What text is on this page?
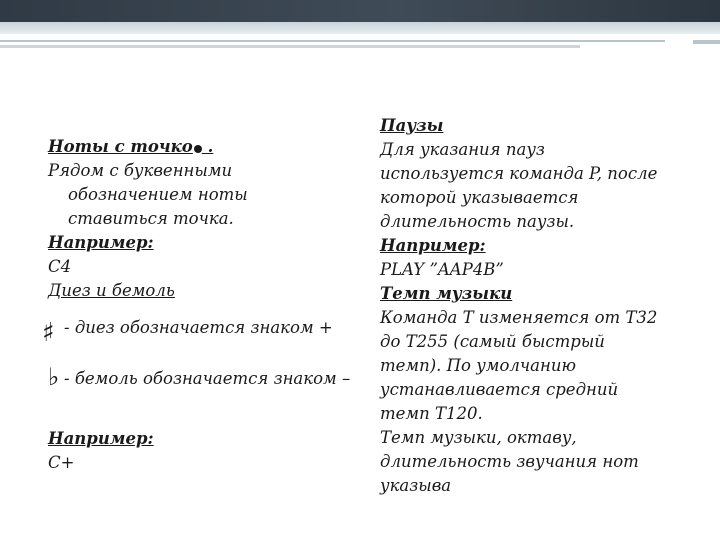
Ноты с точко .
Рядом с буквенными
обозначением ноты
ставиться точка.
Например:
C4
Диез и бемоль
♯ - диез обозначается знаком +
♭ - бемоль обозначается знаком –
Например:
C+
Паузы
Для указания пауз
используется команда P, после
которой указывается
длительность паузы.
Например:
PLAY ”AAP4B”
Темп музыки
Команда Т изменяется от T32
до T255 (самый быстрый
темп). По умолчанию
устанавливается средний
темп T120.
Темп музыки, октаву,
длительность звучания нот
указыва
